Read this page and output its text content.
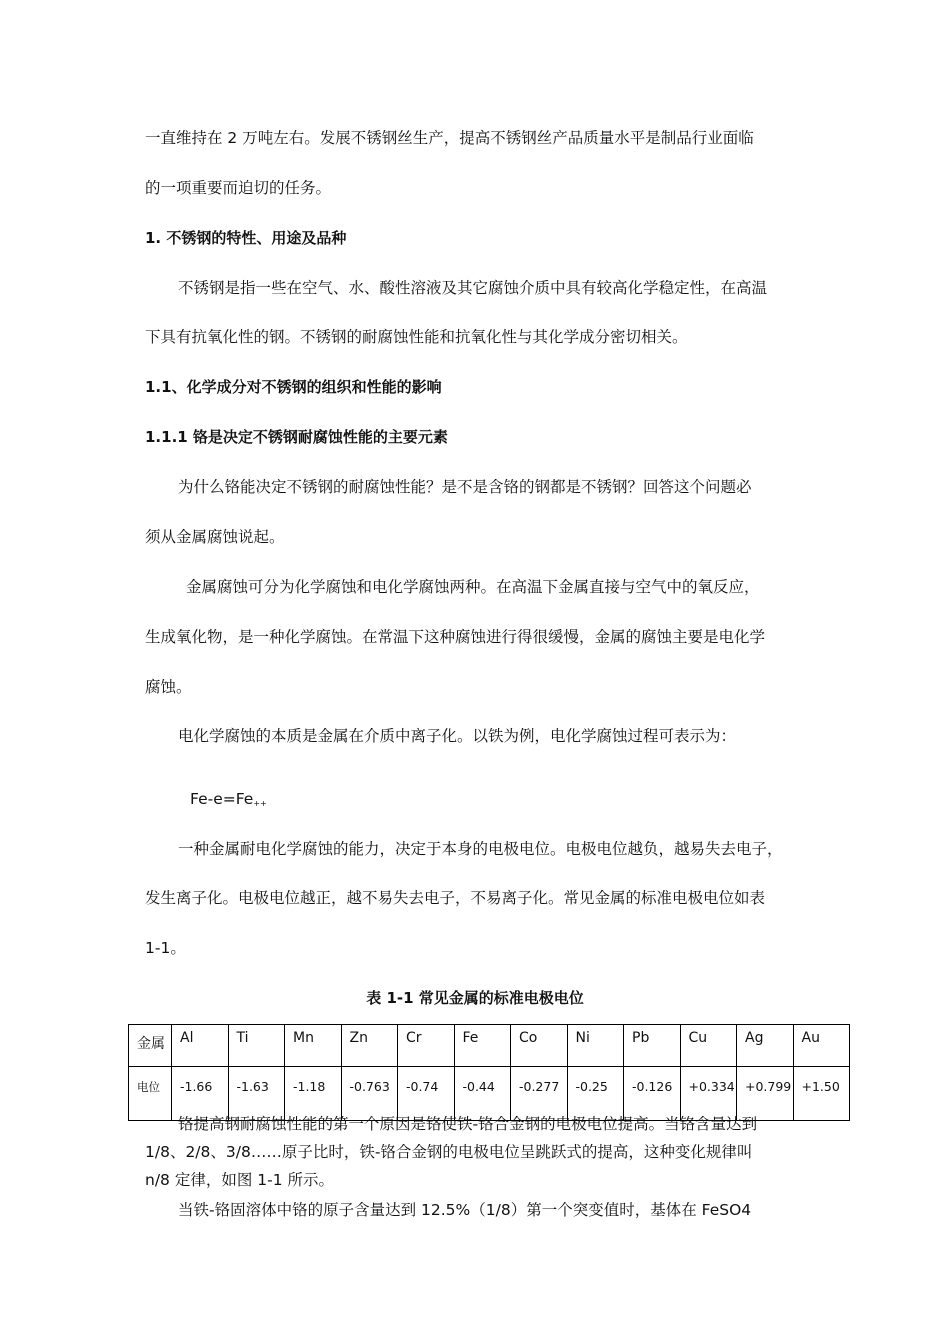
一直维持在 2 万吨左右。发展不锈钢丝生产，提高不锈钢丝产品质量水平是制品行业面临
的一项重要而迫切的任务。
1. 不锈钢的特性、用途及品种
不锈钢是指一些在空气、水、酸性溶液及其它腐蚀介质中具有较高化学稳定性，在高温
下具有抗氧化性的钢。不锈钢的耐腐蚀性能和抗氧化性与其化学成分密切相关。
1.1、化学成分对不锈钢的组织和性能的影响
1.1.1 铬是决定不锈钢耐腐蚀性能的主要元素
为什么铬能决定不锈钢的耐腐蚀性能？是不是含铬的钢都是不锈钢？回答这个问题必
须从金属腐蚀说起。
金属腐蚀可分为化学腐蚀和电化学腐蚀两种。在高温下金属直接与空气中的氧反应，
生成氧化物，是一种化学腐蚀。在常温下这种腐蚀进行得很缓慢，金属的腐蚀主要是电化学
腐蚀。
电化学腐蚀的本质是金属在介质中离子化。以铁为例，电化学腐蚀过程可表示为：
$Fe-e=Fe_{++}$
一种金属耐电化学腐蚀的能力，决定于本身的电极电位。电极电位越负，越易失去电子，
发生离子化。电极电位越正，越不易失去电子，不易离子化。常见金属的标准电极电位如表
1-1。
表 1-1 常见金属的标准电极电位
金属	Al	Ti	Mn	Zn	Cr	Fe	Co	Ni	Pb	Cu	Ag	Au
电位	-1.66	-1.63	-1.18	-0.763	-0.74	-0.44	-0.277	-0.25	-0.126	+0.334	+0.799	+1.50
铬提高钢耐腐蚀性能的第一个原因是铬使铁-铬合金钢的电极电位提高。当铬含量达到
1/8、2/8、3/8……原子比时，铁-铬合金钢的电极电位呈跳跃式的提高，这种变化规律叫
n/8 定律，如图 1-1 所示。
当铁-铬固溶体中铬的原子含量达到 12.5%（1/8）第一个突变值时，基体在 FeSO4
